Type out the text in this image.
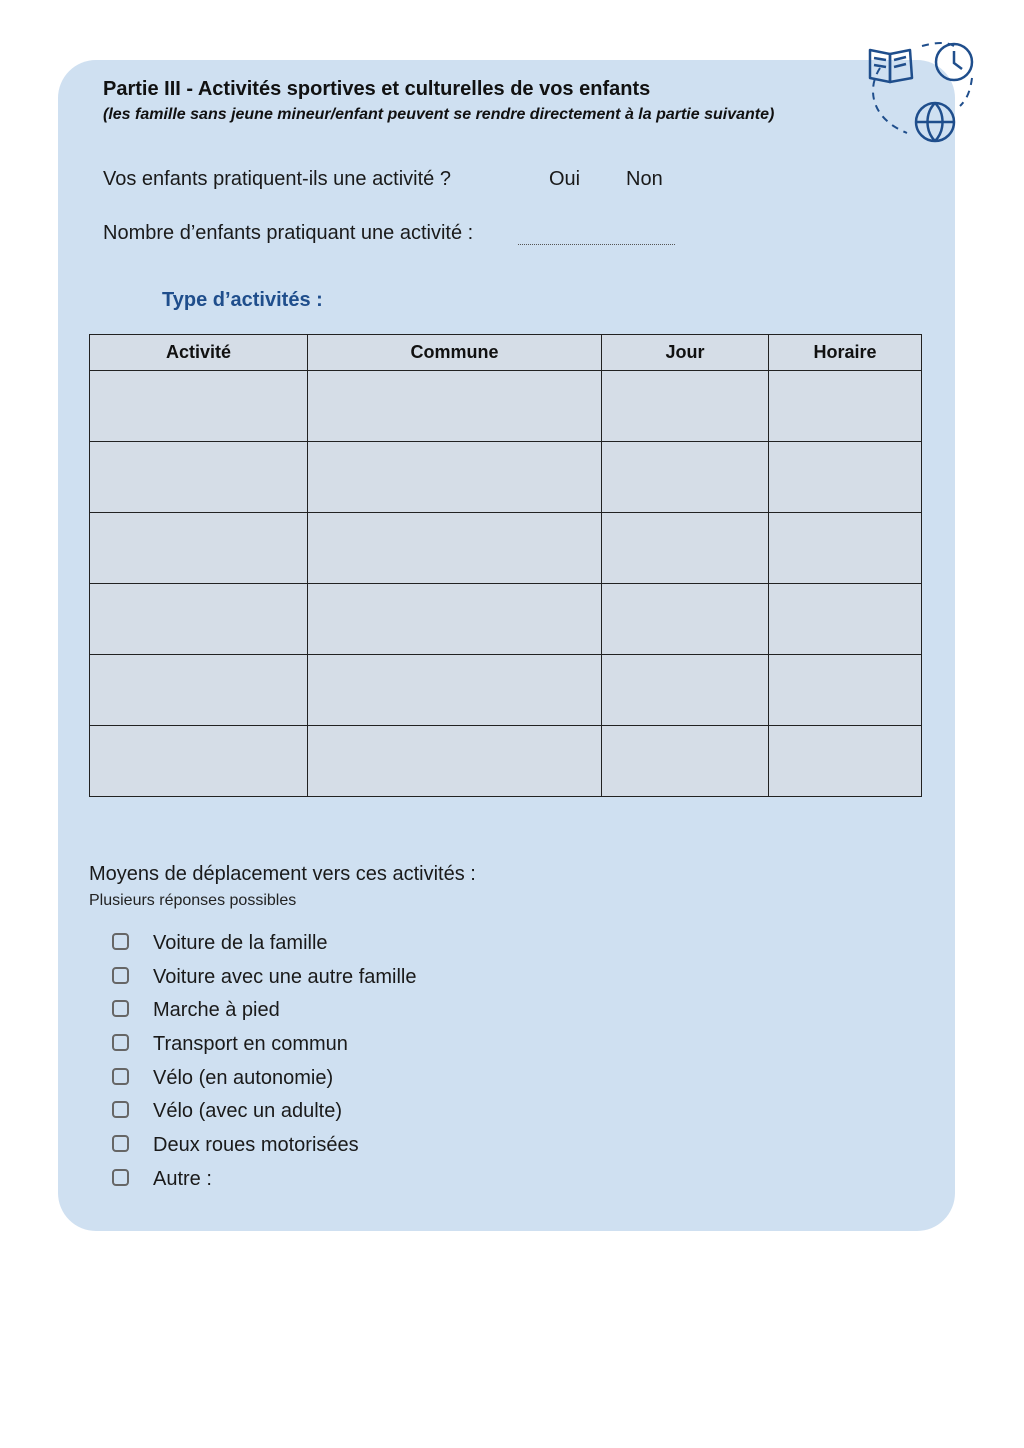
Partie III - Activités sportives et culturelles de vos enfants
(les famille sans jeune mineur/enfant peuvent se rendre directement à la partie suivante)
Vos enfants pratiquent-ils une activité ?	Oui Non
Nombre d’enfants pratiquant une activité :
Type d’activités :
Activité	Commune	Jour	Horaire

Moyens de déplacement vers ces activités :
Plusieurs réponses possibles
Voiture de la famille
Voiture avec une autre famille
Marche à pied
Transport en commun
Vélo (en autonomie)
Vélo (avec un adulte)
Deux roues motorisées
Autre :
